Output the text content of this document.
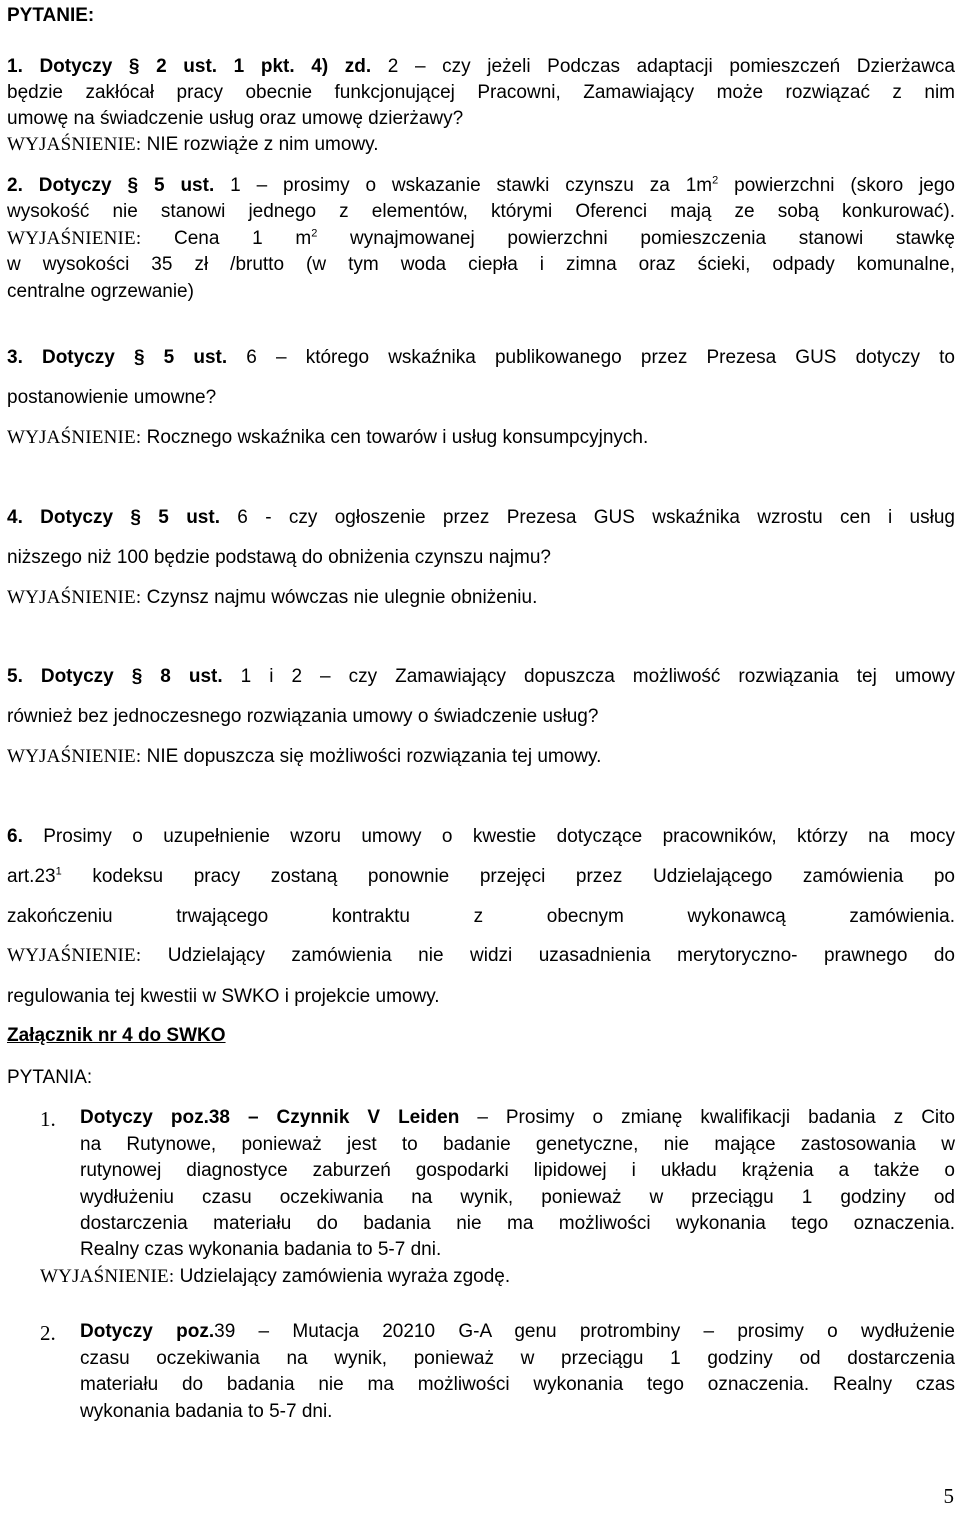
PYTANIE:
1. Dotyczy § 2 ust. 1 pkt. 4) zd. 2 – czy jeżeli Podczas adaptacji pomieszczeń Dzierżawca
będzie zakłócał pracy obecnie funkcjonującej Pracowni, Zamawiający może rozwiązać z nim
umowę na świadczenie usług oraz umowę dzierżawy?
WYJAŚNIENIE: NIE rozwiąże z nim umowy.
2. Dotyczy § 5 ust. 1 – prosimy o wskazanie stawki czynszu za $1m^2$ powierzchni (skoro jego
wysokość nie stanowi jednego z elementów, którymi Oferenci mają ze sobą konkurować).
WYJAŚNIENIE: Cena 1 $m^2$ wynajmowanej powierzchni pomieszczenia stanowi stawkę
w wysokości 35 zł /brutto (w tym woda ciepła i zimna oraz ścieki, odpady komunalne,
centralne ogrzewanie)
3. Dotyczy § 5 ust. 6 – którego wskaźnika publikowanego przez Prezesa GUS dotyczy to
postanowienie umowne?
WYJAŚNIENIE: Rocznego wskaźnika cen towarów i usług konsumpcyjnych.
4. Dotyczy § 5 ust. 6 - czy ogłoszenie przez Prezesa GUS wskaźnika wzrostu cen i usług
niższego niż 100 będzie podstawą do obniżenia czynszu najmu?
WYJAŚNIENIE: Czynsz najmu wówczas nie ulegnie obniżeniu.
5. Dotyczy § 8 ust. 1 i 2 – czy Zamawiający dopuszcza możliwość rozwiązania tej umowy
również bez jednoczesnego rozwiązania umowy o świadczenie usług?
WYJAŚNIENIE: NIE dopuszcza się możliwości rozwiązania tej umowy.
6. Prosimy o uzupełnienie wzoru umowy o kwestie dotyczące pracowników, którzy na mocy
$art.23^1$ kodeksu pracy zostaną ponownie przejęci przez Udzielającego zamówienia po
zakończeniu trwającego kontraktu z obecnym wykonawcą zamówienia.
WYJAŚNIENIE: Udzielający zamówienia nie widzi uzasadnienia merytoryczno- prawnego do
regulowania tej kwestii w SWKO i projekcie umowy.
Załącznik nr 4 do SWKO
PYTANIA:
1. Dotyczy poz.38 – Czynnik V Leiden – Prosimy o zmianę kwalifikacji badania z Cito
na Rutynowe, ponieważ jest to badanie genetyczne, nie mające zastosowania w
rutynowej diagnostyce zaburzeń gospodarki lipidowej i układu krążenia a także o
wydłużeniu czasu oczekiwania na wynik, ponieważ w przeciągu 1 godziny od
dostarczenia materiału do badania nie ma możliwości wykonania tego oznaczenia.
Realny czas wykonania badania to 5-7 dni.
WYJAŚNIENIE: Udzielający zamówienia wyraża zgodę.
2. Dotyczy poz.39 – Mutacja 20210 G-A genu protrombiny – prosimy o wydłużenie
czasu oczekiwania na wynik, ponieważ w przeciągu 1 godziny od dostarczenia
materiału do badania nie ma możliwości wykonania tego oznaczenia. Realny czas
wykonania badania to 5-7 dni.
5
